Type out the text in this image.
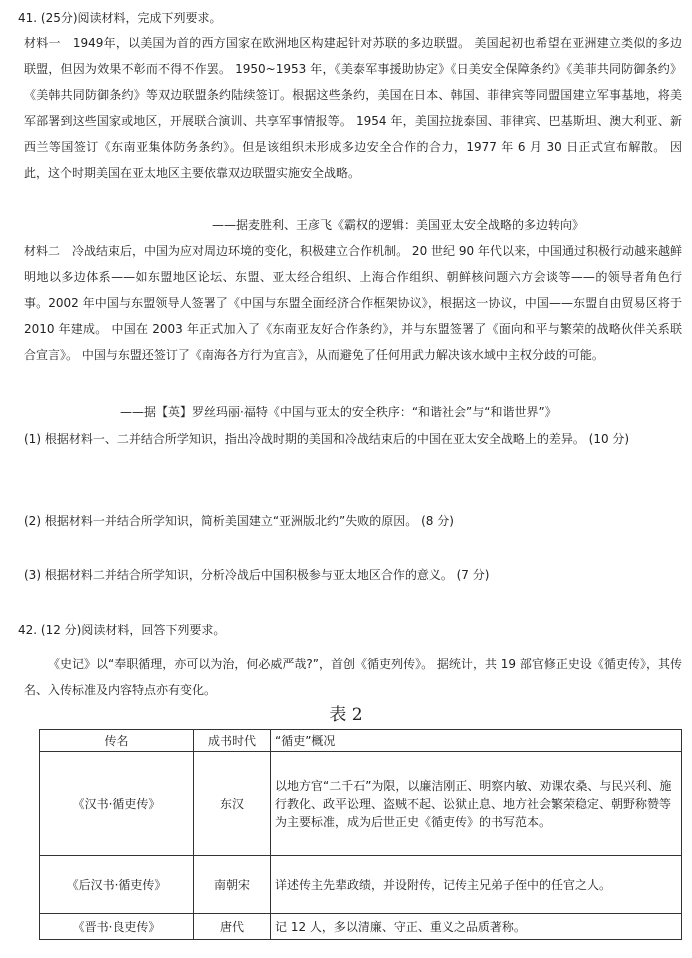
41. (25分)阅读材料，完成下列要求。

材料一　1949年，以美国为首的西方国家在欧洲地区构建起针对苏联的多边联盟。 美国起初也希望在亚洲建立类似的多边联盟，但因为效果不彰而不得不作罢。 1950~1953 年，《美泰军事援助协定》《日美安全保障条约》《美菲共同防御条约》《美韩共同防御条约》等双边联盟条约陆续签订。根据这些条约，美国在日本、韩国、菲律宾等同盟国建立军事基地，将美军部署到这些国家或地区，开展联合演训、共享军事情报等。 1954 年，美国拉拢泰国、菲律宾、巴基斯坦、澳大利亚、新西兰等国签订《东南亚集体防务条约》。但是该组织未形成多边安全合作的合力，1977 年 6 月 30 日正式宣布解散。 因此，这个时期美国在亚太地区主要依靠双边联盟实施安全战略。

——据麦胜利、王彦飞《霸权的逻辑：美国亚太安全战略的多边转向》

材料二　冷战结束后，中国为应对周边环境的变化，积极建立合作机制。 20 世纪 90 年代以来，中国通过积极行动越来越鲜明地以多边体系——如东盟地区论坛、东盟、亚太经合组织、上海合作组织、朝鲜核问题六方会谈等——的领导者角色行事。2002 年中国与东盟领导人签署了《中国与东盟全面经济合作框架协议》，根据这一协议，中国——东盟自由贸易区将于 2010 年建成。 中国在 2003 年正式加入了《东南亚友好合作条约》，并与东盟签署了《面向和平与繁荣的战略伙伴关系联合宣言》。 中国与东盟还签订了《南海各方行为宣言》，从而避免了任何用武力解决该水域中主权分歧的可能。

——据【英】罗丝玛丽·福特《中国与亚太的安全秩序：“和谐社会”与“和谐世界”》

(1) 根据材料一、二并结合所学知识，指出冷战时期的美国和冷战结束后的中国在亚太安全战略上的差异。 (10 分)

(2) 根据材料一并结合所学知识，简析美国建立“亚洲版北约”失败的原因。 (8 分)

(3) 根据材料二并结合所学知识，分析冷战后中国积极参与亚太地区合作的意义。 (7 分)

42. (12 分)阅读材料，回答下列要求。

《史记》以“奉职循理，亦可以为治，何必威严哉?”，首创《循吏列传》。 据统计，共 19 部官修正史设《循吏传》，其传名、入传标准及内容特点亦有变化。

表 2
传名	成书时代	“循吏”概况
《汉书·循吏传》	东汉	以地方官“二千石”为限，以廉洁刚正、明察内敏、劝课农桑、与民兴利、施行教化、政平讼理、盗贼不起、讼狱止息、地方社会繁荣稳定、朝野称赞等为主要标准，成为后世正史《循吏传》的书写范本。
《后汉书·循吏传》	南朝宋	详述传主先辈政绩，并设附传，记传主兄弟子侄中的任官之人。
《晋书·良吏传》	唐代	记 12 人，多以清廉、守正、重义之品质著称。
